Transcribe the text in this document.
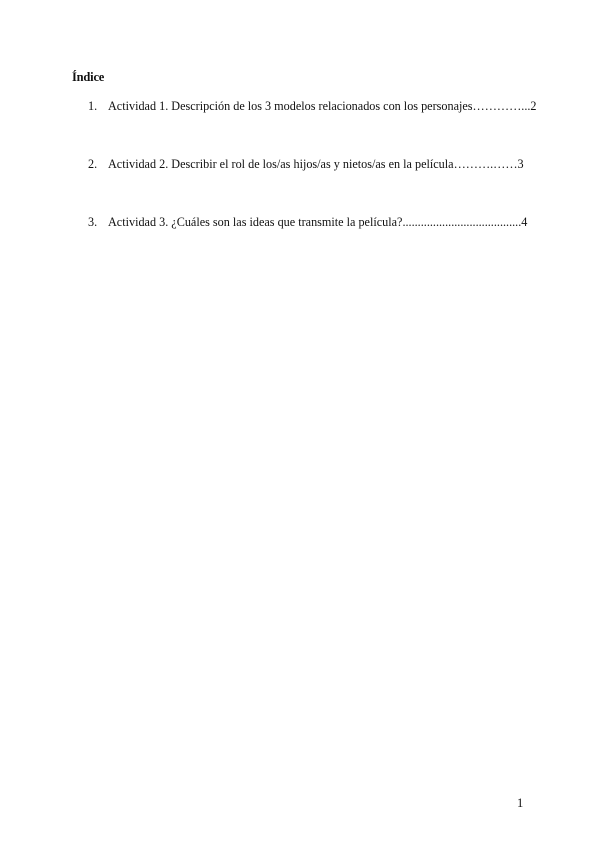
Índice
1. Actividad 1. Descripción de los 3 modelos relacionados con los personajes…………...2
2. Actividad 2. Describir el rol de los/as hijos/as y nietos/as en la película……….……3
3. Actividad 3. ¿Cuáles son las ideas que transmite la película?.......................................4
1
